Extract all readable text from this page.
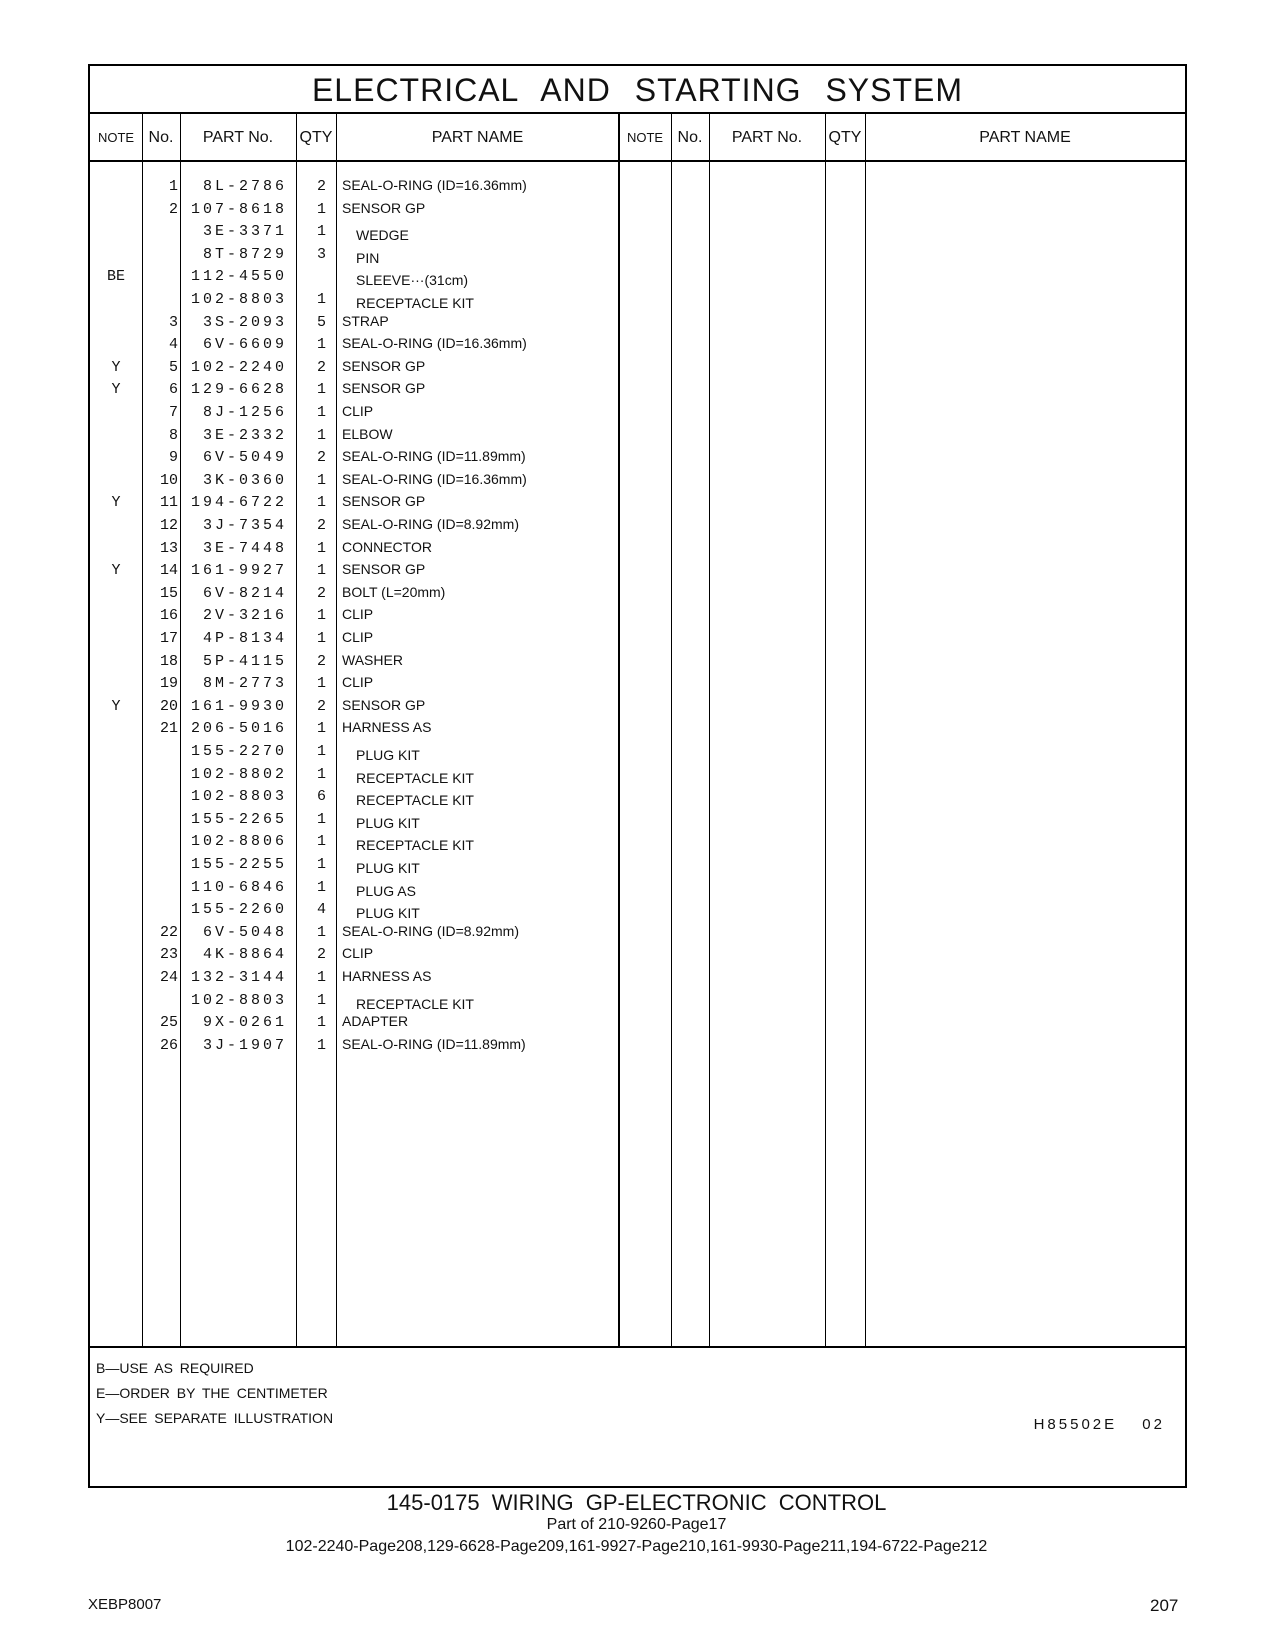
ELECTRICAL AND STARTING SYSTEM
NOTE No.	PART No.	QTY	PART NAME	NOTE No.	PART No.	QTY	PART NAME
1	8L-2786	2 SEAL-O-RING (ID=16.36mm)
2 107-8618	1 SENSOR GP
3E-3371	1 WEDGE
8T-8729	3 PIN
BE	112-4550	SLEEVE···(31cm)
102-8803	1 RECEPTACLE KIT
3	3S-2093	5 STRAP
4	6V-6609	1 SEAL-O-RING (ID=16.36mm)
Y	5 102-2240	2 SENSOR GP
Y	6 129-6628	1 SENSOR GP
7	8J-1256	1 CLIP
8	3E-2332	1 ELBOW
9	6V-5049	2 SEAL-O-RING (ID=11.89mm)
10	3K-0360	1 SEAL-O-RING (ID=16.36mm)
Y	11 194-6722	1 SENSOR GP
12	3J-7354	2 SEAL-O-RING (ID=8.92mm)
13	3E-7448	1 CONNECTOR
Y	14 161-9927	1 SENSOR GP
15	6V-8214	2 BOLT (L=20mm)
16	2V-3216	1 CLIP
17	4P-8134	1 CLIP
18	5P-4115	2 WASHER
19	8M-2773	1 CLIP
Y	20 161-9930	2 SENSOR GP
21 206-5016	1 HARNESS AS
155-2270	1 PLUG KIT
102-8802	1 RECEPTACLE KIT
102-8803	6 RECEPTACLE KIT
155-2265	1 PLUG KIT
102-8806	1 RECEPTACLE KIT
155-2255	1 PLUG KIT
110-6846	1 PLUG AS
155-2260	4 PLUG KIT
22	6V-5048	1 SEAL-O-RING (ID=8.92mm)
23	4K-8864	2 CLIP
24 132-3144	1 HARNESS AS
102-8803	1 RECEPTACLE KIT
25	9X-0261	1 ADAPTER
26	3J-1907	1 SEAL-O-RING (ID=11.89mm)
B—USE AS REQUIRED
E—ORDER BY THE CENTIMETER
Y—SEE SEPARATE ILLUSTRATION	H85502E 02
145-0175 WIRING GP-ELECTRONIC CONTROL
Part of 210-9260-Page17
102-2240-Page208,129-6628-Page209,161-9927-Page210,161-9930-Page211,194-6722-Page212
XEBP8007	207
